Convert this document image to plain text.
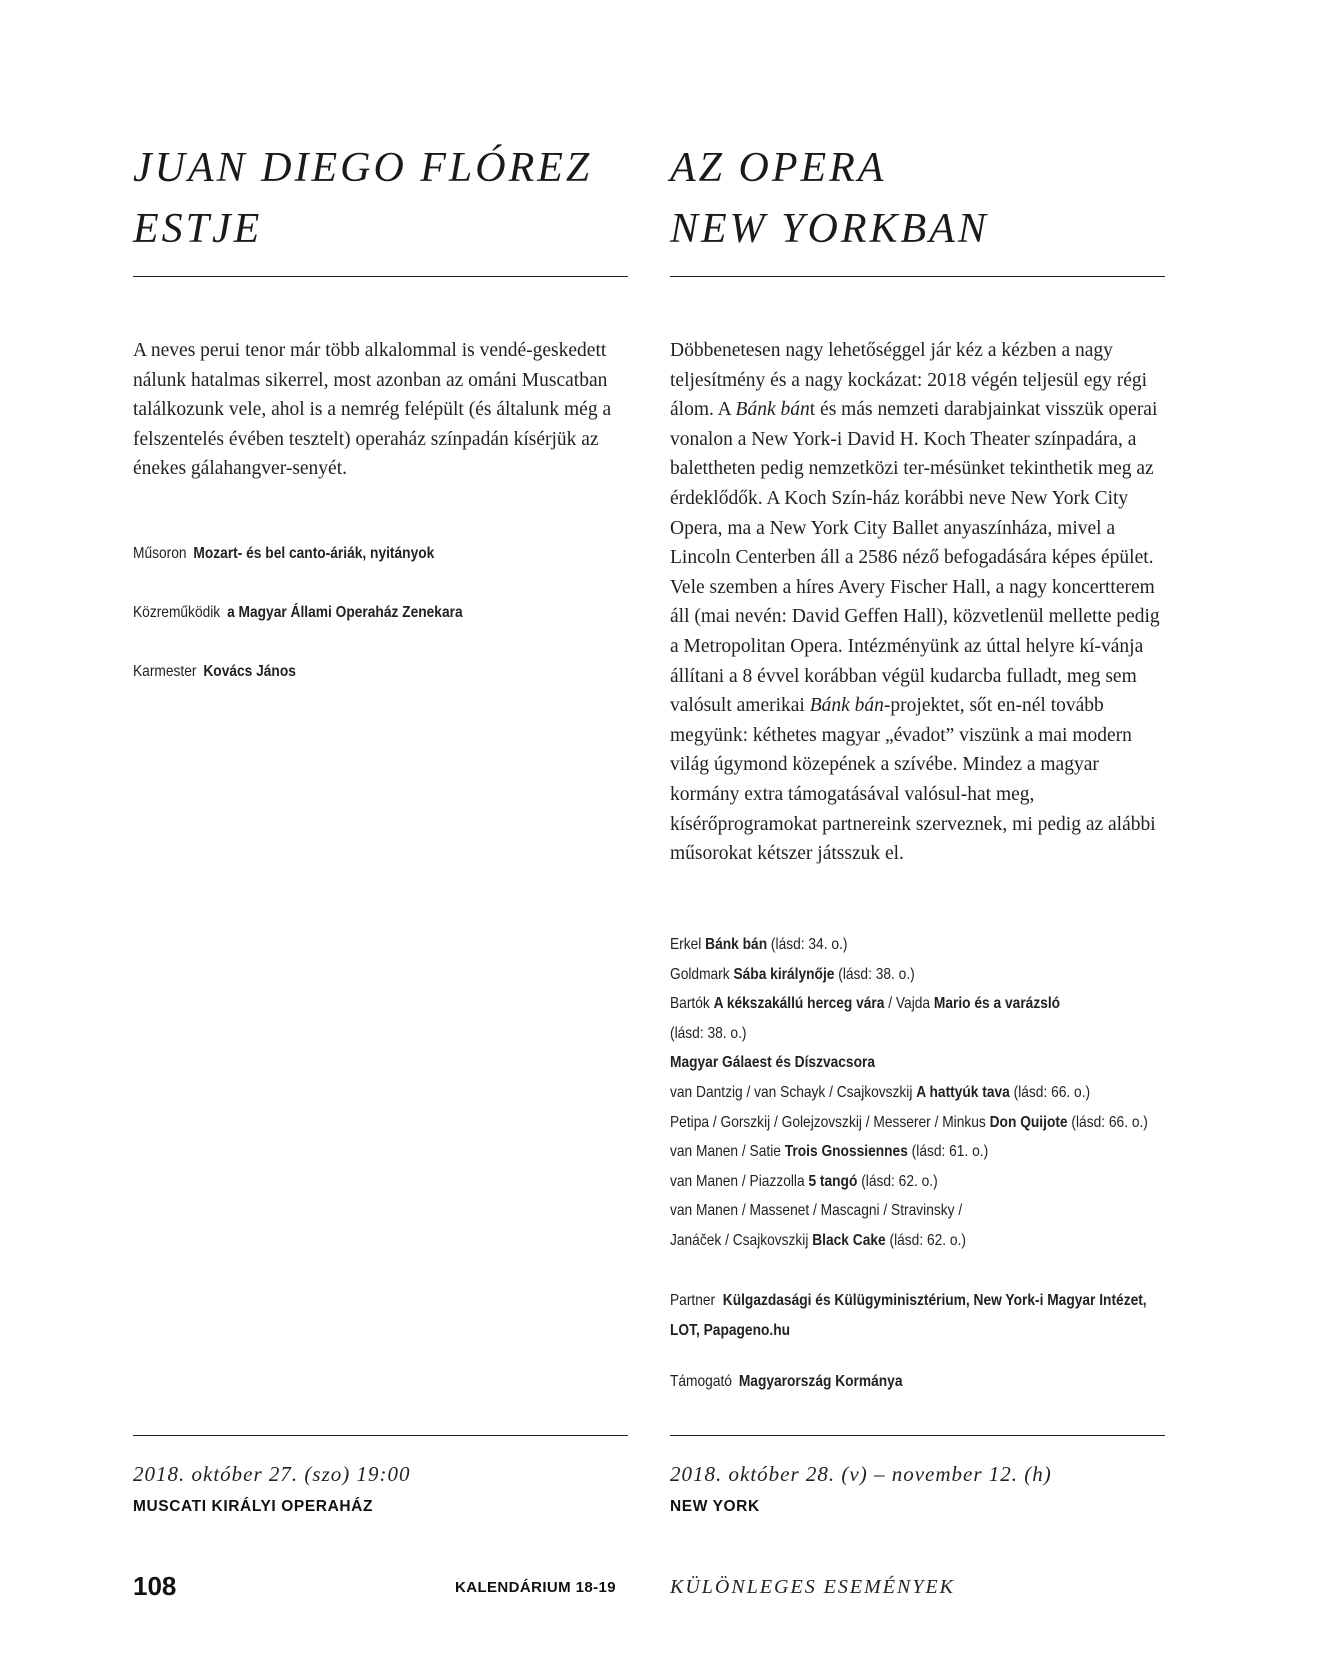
JUAN DIEGO FLÓREZ
ESTJE

A neves perui tenor már több alkalommal is vendé-geskedett nálunk hatalmas sikerrel, most azonban az ománi Muscatban találkozunk vele, ahol is a nemrég felépült (és általunk még a felszentelés évében tesztelt) operaház színpadán kísérjük az énekes gálahangver-senyét.

Műsoron Mozart- és bel canto-áriák, nyitányok

Közreműködik a Magyar Állami Operaház Zenekara

Karmester Kovács János

2018. október 27. (szo) 19:00

MUSCATI KIRÁLYI OPERAHÁZ

AZ OPERA
NEW YORKBAN

Döbbenetesen nagy lehetőséggel jár kéz a kézben a nagy teljesítmény és a nagy kockázat: 2018 végén teljesül egy régi álom. A Bánk bánt és más nemzeti darabjainkat visszük operai vonalon a New York-i David H. Koch Theater színpadára, a balettheten pedig nemzetközi ter-mésünket tekinthetik meg az érdeklődők. A Koch Szín-ház korábbi neve New York City Opera, ma a New York City Ballet anyaszínháza, mivel a Lincoln Centerben áll a 2586 néző befogadására képes épület. Vele szemben a híres Avery Fischer Hall, a nagy koncertterem áll (mai nevén: David Geffen Hall), közvetlenül mellette pedig a Metropolitan Opera. Intézményünk az úttal helyre kí-vánja állítani a 8 évvel korábban végül kudarcba fulladt, meg sem valósult amerikai Bánk bán-projektet, sőt en-nél tovább megyünk: kéthetes magyar „évadot” viszünk a mai modern világ úgymond közepének a szívébe. Mindez a magyar kormány extra támogatásával valósul-hat meg, kísérőprogramokat partnereink szerveznek, mi pedig az alábbi műsorokat kétszer játsszuk el.

Erkel Bánk bán (lásd: 34. o.)
Goldmark Sába királynője (lásd: 38. o.)
Bartók A kékszakállú herceg vára / Vajda Mario és a varázsló
(lásd: 38. o.)
Magyar Gálaest és Díszvacsora
van Dantzig / van Schayk / Csajkovszkij A hattyúk tava (lásd: 66. o.)
Petipa / Gorszkij / Golejzovszkij / Messerer / Minkus Don Quijote (lásd: 66. o.)
van Manen / Satie Trois Gnossiennes (lásd: 61. o.)
van Manen / Piazzolla 5 tangó (lásd: 62. o.)
van Manen / Massenet / Mascagni / Stravinsky /
Janáček / Csajkovszkij Black Cake (lásd: 62. o.)

Partner Külgazdasági és Külügyminisztérium, New York-i Magyar Intézet,
LOT, Papageno.hu

Támogató Magyarország Kormánya

2018. október 28. (v) – november 12. (h)

NEW YORK

108	KALENDÁRIUM 18-19	KÜLÖNLEGES ESEMÉNYEK
